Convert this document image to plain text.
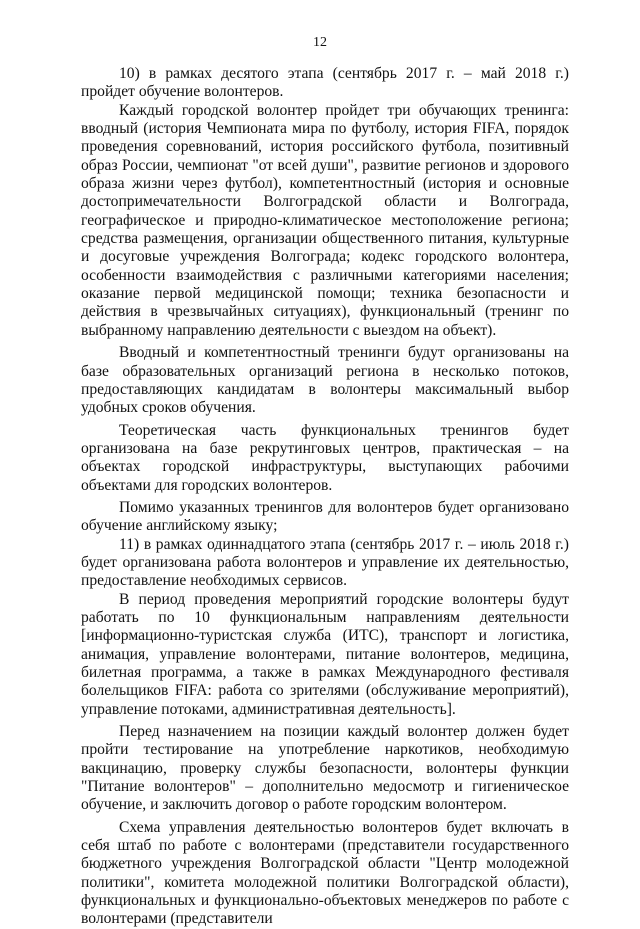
12

10) в рамках десятого этапа (сентябрь 2017 г. – май 2018 г.) пройдет обучение волонтеров.

Каждый городской волонтер пройдет три обучающих тренинга: вводный (история Чемпионата мира по футболу, история FIFA, порядок проведения соревнований, история российского футбола, позитивный образ России, чемпионат "от всей души", развитие регионов и здорового образа жизни через футбол), компетентностный (история и основные достопримечательности Волгоградской области и Волгограда, географическое и природно-климатическое местоположение региона; средства размещения, организации общественного питания, культурные и досуговые учреждения Волгограда; кодекс городского волонтера, особенности взаимодействия с различными категориями населения; оказание первой медицинской помощи; техника безопасности и действия в чрезвычайных ситуациях), функциональный (тренинг по выбранному направлению деятельности с выездом на объект).

Вводный и компетентностный тренинги будут организованы на базе образовательных организаций региона в несколько потоков, предоставляющих кандидатам в волонтеры максимальный выбор удобных сроков обучения.

Теоретическая часть функциональных тренингов будет организована на базе рекрутинговых центров, практическая – на объектах городской инфраструктуры, выступающих рабочими объектами для городских волонтеров.

Помимо указанных тренингов для волонтеров будет организовано обучение английскому языку;

11) в рамках одиннадцатого этапа (сентябрь 2017 г. – июль 2018 г.) будет организована работа волонтеров и управление их деятельностью, предоставление необходимых сервисов.

В период проведения мероприятий городские волонтеры будут работать по 10 функциональным направлениям деятельности [информационно-туристская служба (ИТС), транспорт и логистика, анимация, управление волонтерами, питание волонтеров, медицина, билетная программа, а также в рамках Международного фестиваля болельщиков FIFA: работа со зрителями (обслуживание мероприятий), управление потоками, административная деятельность].

Перед назначением на позиции каждый волонтер должен будет пройти тестирование на употребление наркотиков, необходимую вакцинацию, проверку службы безопасности, волонтеры функции "Питание волонтеров" – дополнительно медосмотр и гигиеническое обучение, и заключить договор о работе городским волонтером.

Схема управления деятельностью волонтеров будет включать в себя штаб по работе с волонтерами (представители государственного бюджетного учреждения Волгоградской области "Центр молодежной политики", комитета молодежной политики Волгоградской области), функциональных и функционально-объектовых менеджеров по работе с волонтерами (представители
